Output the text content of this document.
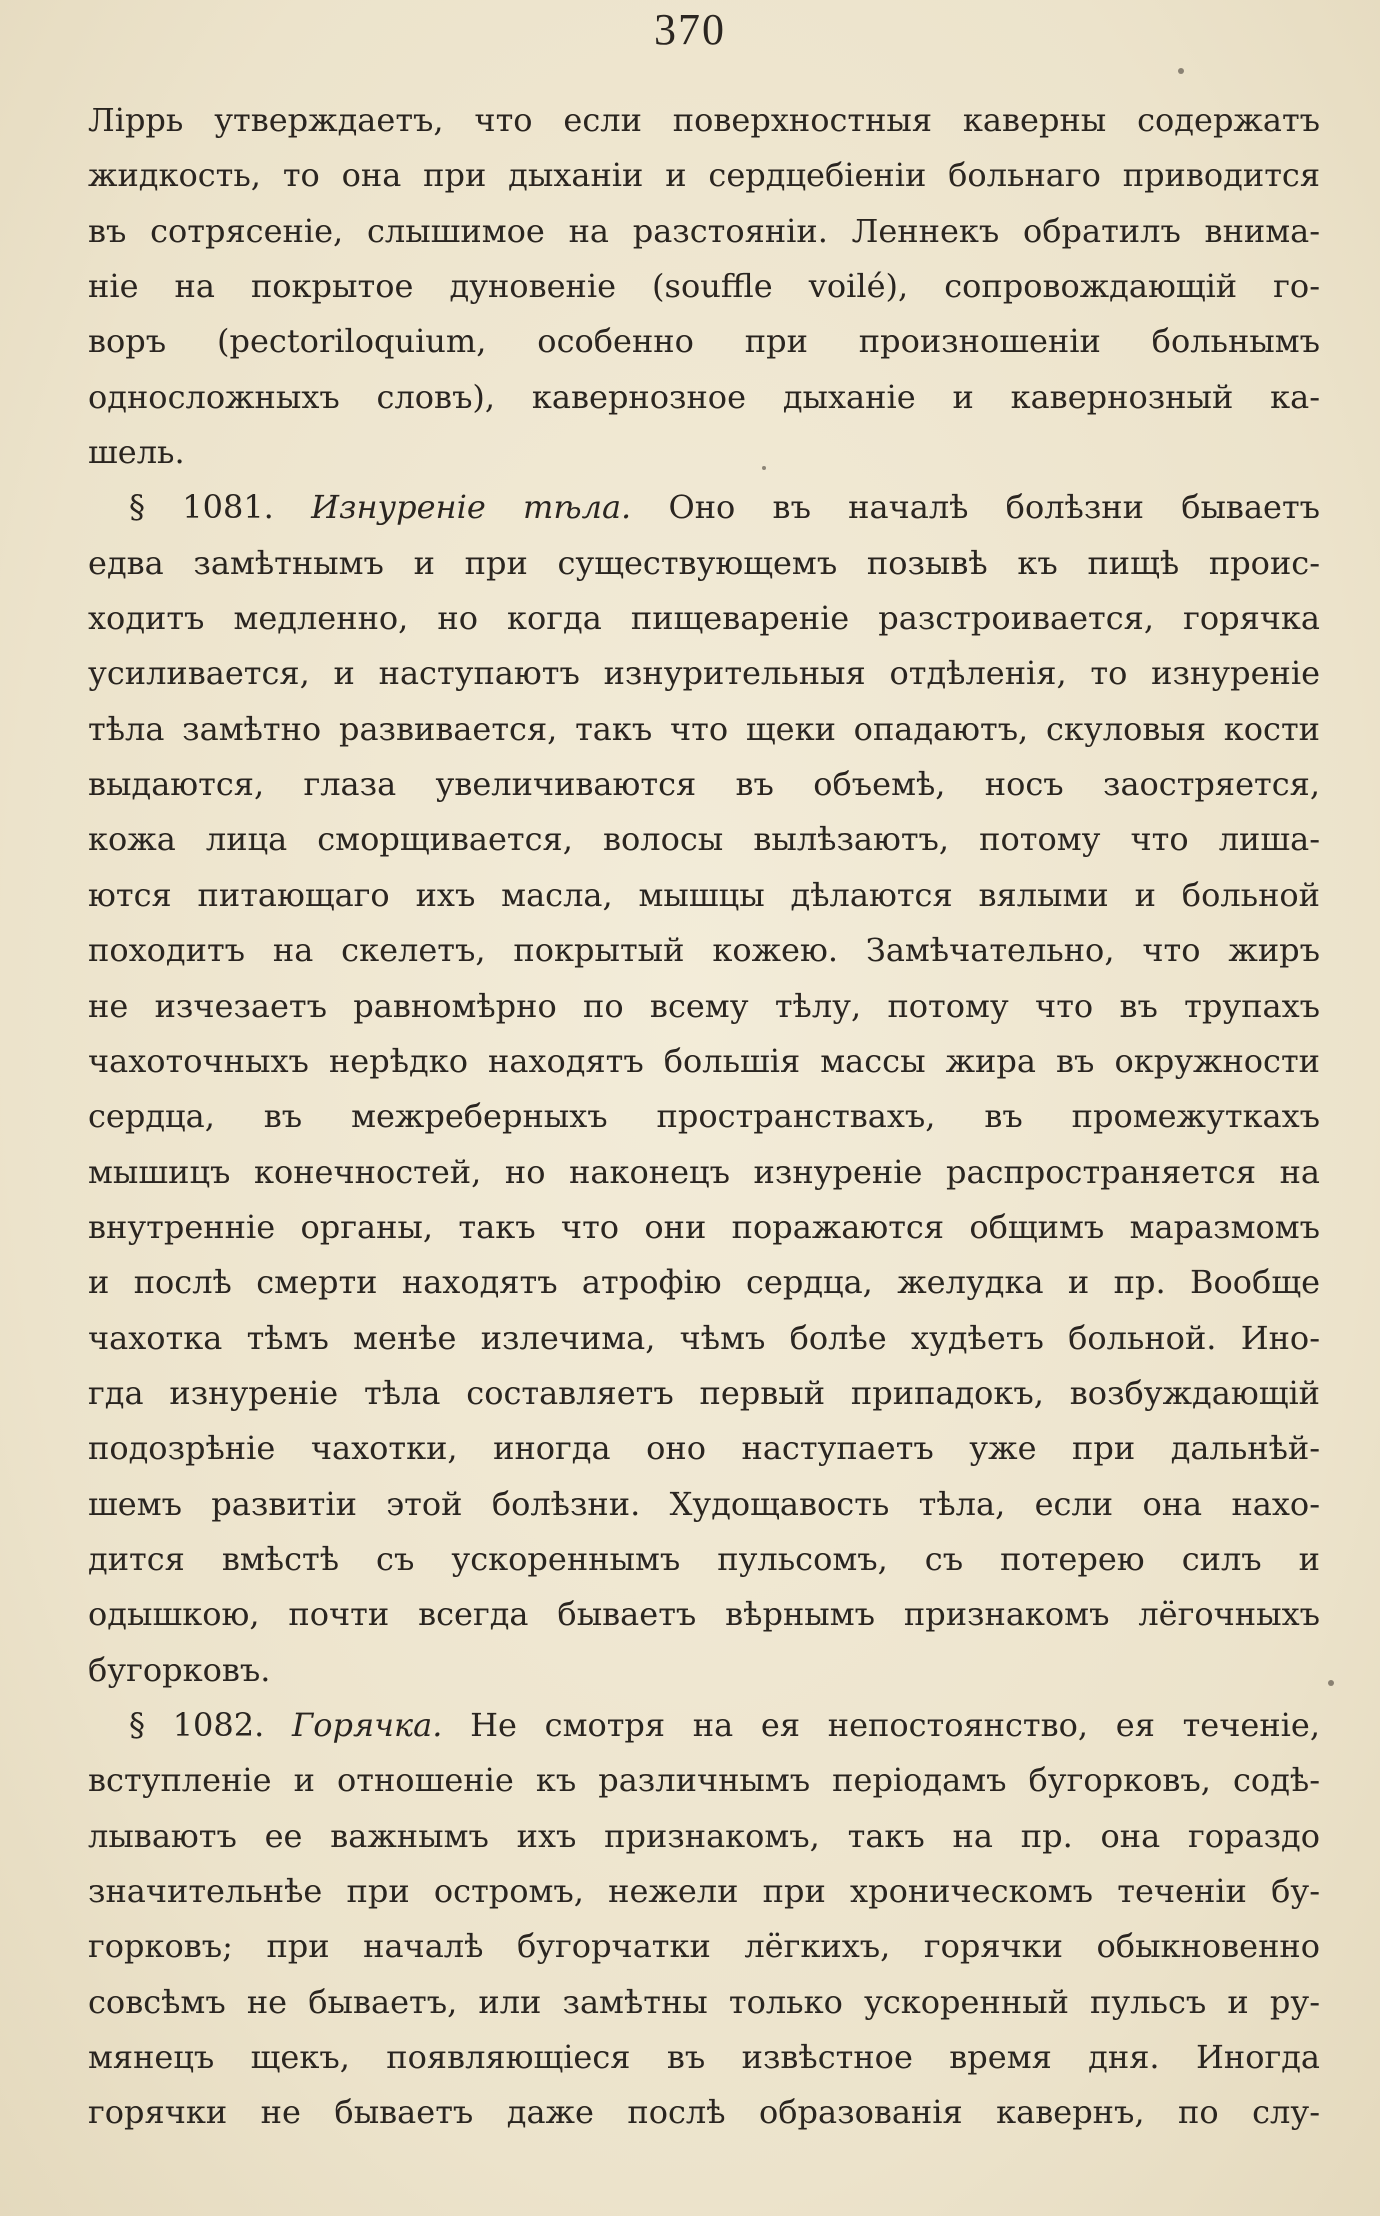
370
Ліррь утверждаетъ, что если поверхностныя каверны содержатъ
жидкость, то она при дыханіи и сердцебіеніи больнаго приводится
въ сотрясеніе, слышимое на разстояніи. Леннекъ обратилъ внима-
ніе на покрытое дуновеніе (souffle voilé), сопровождающій го-
воръ (pectoriloquium, особенно при произношеніи больнымъ
односложныхъ словъ), кавернозное дыханіе и кавернозный ка-
шель.
§ 1081. Изнуреніе тѣла. Оно въ началѣ болѣзни бываетъ
едва замѣтнымъ и при существующемъ позывѣ къ пищѣ проис-
ходитъ медленно, но когда пищевареніе разстроивается, горячка
усиливается, и наступаютъ изнурительныя отдѣленія, то изнуреніе
тѣла замѣтно развивается, такъ что щеки опадаютъ, скуловыя кости
выдаются, глаза увеличиваются въ объемѣ, носъ заостряется,
кожа лица сморщивается, волосы вылѣзаютъ, потому что лиша-
ются питающаго ихъ масла, мышцы дѣлаются вялыми и больной
походитъ на скелетъ, покрытый кожею. Замѣчательно, что жиръ
не изчезаетъ равномѣрно по всему тѣлу, потому что въ трупахъ
чахоточныхъ нерѣдко находятъ большія массы жира въ окружности
сердца, въ межреберныхъ пространствахъ, въ промежуткахъ
мышицъ конечностей, но наконецъ изнуреніе распространяется на
внутренніе органы, такъ что они поражаются общимъ маразмомъ
и послѣ смерти находятъ атрофію сердца, желудка и пр. Вообще
чахотка тѣмъ менѣе излечима, чѣмъ болѣе худѣетъ больной. Ино-
гда изнуреніе тѣла составляетъ первый припадокъ, возбуждающій
подозрѣніе чахотки, иногда оно наступаетъ уже при дальнѣй-
шемъ развитіи этой болѣзни. Худощавость тѣла, если она нахо-
дится вмѣстѣ съ ускореннымъ пульсомъ, съ потерею силъ и
одышкою, почти всегда бываетъ вѣрнымъ признакомъ лёгочныхъ
бугорковъ.
§ 1082. Горячка. Не смотря на ея непостоянство, ея теченіе,
вступленіе и отношеніе къ различнымъ періодамъ бугорковъ, содѣ-
лываютъ ее важнымъ ихъ признакомъ, такъ на пр. она гораздо
значительнѣе при остромъ, нежели при хроническомъ теченіи бу-
горковъ; при началѣ бугорчатки лёгкихъ, горячки обыкновенно
совсѣмъ не бываетъ, или замѣтны только ускоренный пульсъ и ру-
мянецъ щекъ, появляющіеся въ извѣстное время дня. Иногда
горячки не бываетъ даже послѣ образованія кавернъ, по слу-
